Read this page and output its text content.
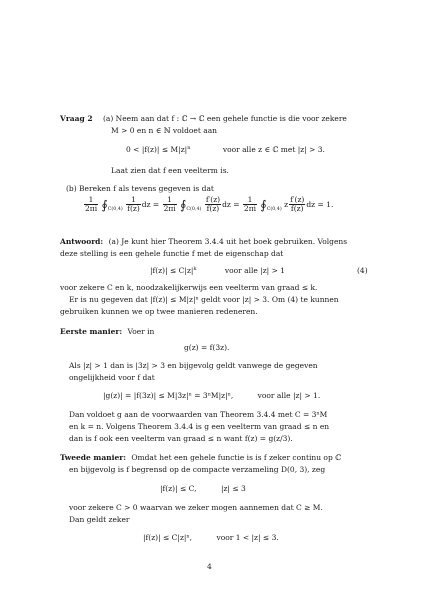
Vraag 2 (a) Neem aan dat f : ℂ → ℂ een gehele functie is die voor zekere
M > 0 en n ∈ ℕ voldoet aan
$0 < |f(z)| \le M|z|^n$	voor alle z ∈ ℂ met |z| > 3.
Laat zien dat f een veelterm is.
(b) Bereken f als tevens gegeven is dat
$\frac{1}{2\pi i}$ $∮_{C(0,4)} \frac{1}{f(z)}$ dz = $\frac{1}{2\pi i}$ $∮_{C(0,4)} \frac{f'(z)}{f(z)}$ dz = $\frac{1}{2\pi i}$ $∮_{C(0,4)}$ z $\frac{f'(z)}{f(z)}$ dz = 1.
Antwoord: (a) Je kunt hier Theorem 3.4.4 uit het boek gebruiken. Volgens
deze stelling is een gehele functie f met de eigenschap dat
$|f(z)| \le C|z|^k$	voor alle |z| > 1	(4)
voor zekere C en k, noodzakelijkerwijs een veelterm van graad ≤ k.
Er is nu gegeven dat |f(z)| ≤ M|z|ⁿ geldt voor |z| > 3. Om (4) te kunnen
gebruiken kunnen we op twee manieren redeneren.
Eerste manier: Voer in
g(z) = f(3z).
Als |z| > 1 dan is |3z| > 3 en bijgevolg geldt vanwege de gegeven
ongelijkheid voor f dat
|g(z)| = |f(3z)| ≤ M|3z|ⁿ = 3ⁿM|z|ⁿ,	voor alle |z| > 1.
Dan voldoet g aan de voorwaarden van Theorem 3.4.4 met C = 3ⁿM
en k = n. Volgens Theorem 3.4.4 is g een veelterm van graad ≤ n en
dan is f ook een veelterm van graad ≤ n want f(z) = g(z/3).
Tweede manier: Omdat het een gehele functie is is f zeker continu op ℂ
en bijgevolg is f begrensd op de compacte verzameling D(0, 3), zeg
|f(z)| ≤ C,	|z| ≤ 3
voor zekere C > 0 waarvan we zeker mogen aannemen dat C ≥ M.
Dan geldt zeker
|f(z)| ≤ C|z|ⁿ,	voor 1 < |z| ≤ 3.
4
